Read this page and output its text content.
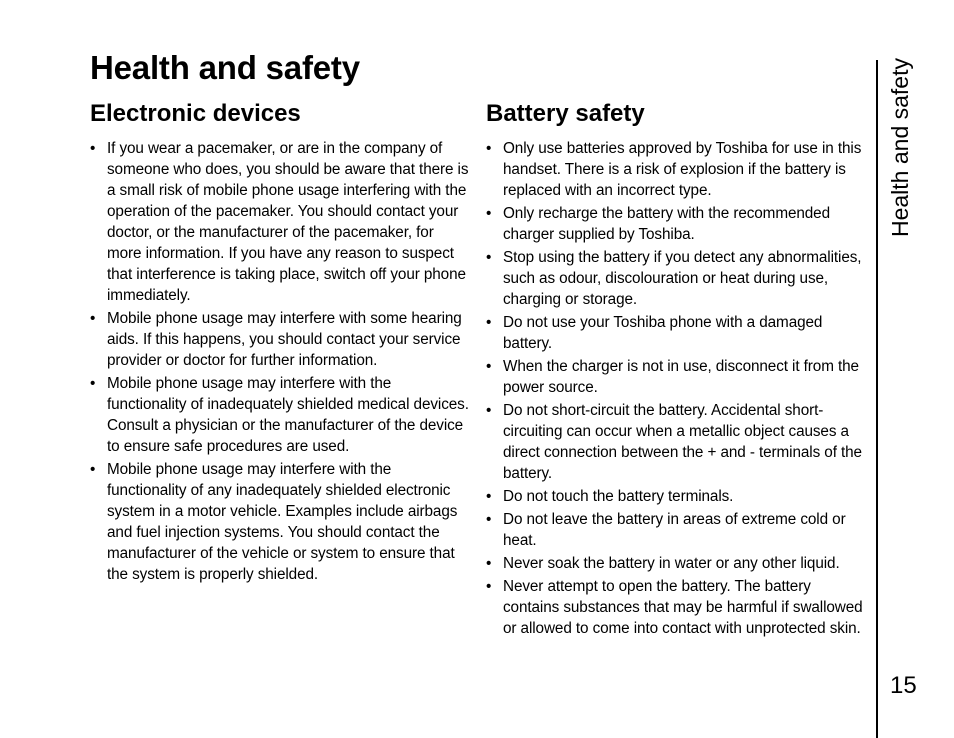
Health and safety
Electronic devices
• If you wear a pacemaker, or are in the company of someone who does, you should be aware that there is a small risk of mobile phone usage interfering with the operation of the pacemaker. You should contact your doctor, or the manufacturer of the pacemaker, for more information. If you have any reason to suspect that interference is taking place, switch off your phone immediately.
• Mobile phone usage may interfere with some hearing aids. If this happens, you should contact your service provider or doctor for further information.
• Mobile phone usage may interfere with the functionality of inadequately shielded medical devices. Consult a physician or the manufacturer of the device to ensure safe procedures are used.
• Mobile phone usage may interfere with the functionality of any inadequately shielded electronic system in a motor vehicle. Examples include airbags and fuel injection systems. You should contact the manufacturer of the vehicle or system to ensure that the system is properly shielded.
Battery safety
• Only use batteries approved by Toshiba for use in this handset. There is a risk of explosion if the battery is replaced with an incorrect type.
• Only recharge the battery with the recommended charger supplied by Toshiba.
• Stop using the battery if you detect any abnormalities, such as odour, discolouration or heat during use, charging or storage.
• Do not use your Toshiba phone with a damaged battery.
• When the charger is not in use, disconnect it from the power source.
• Do not short-circuit the battery. Accidental short-circuiting can occur when a metallic object causes a direct connection between the + and - terminals of the battery.
• Do not touch the battery terminals.
• Do not leave the battery in areas of extreme cold or heat.
• Never soak the battery in water or any other liquid.
• Never attempt to open the battery. The battery contains substances that may be harmful if swallowed or allowed to come into contact with unprotected skin.
Health and safety
15
